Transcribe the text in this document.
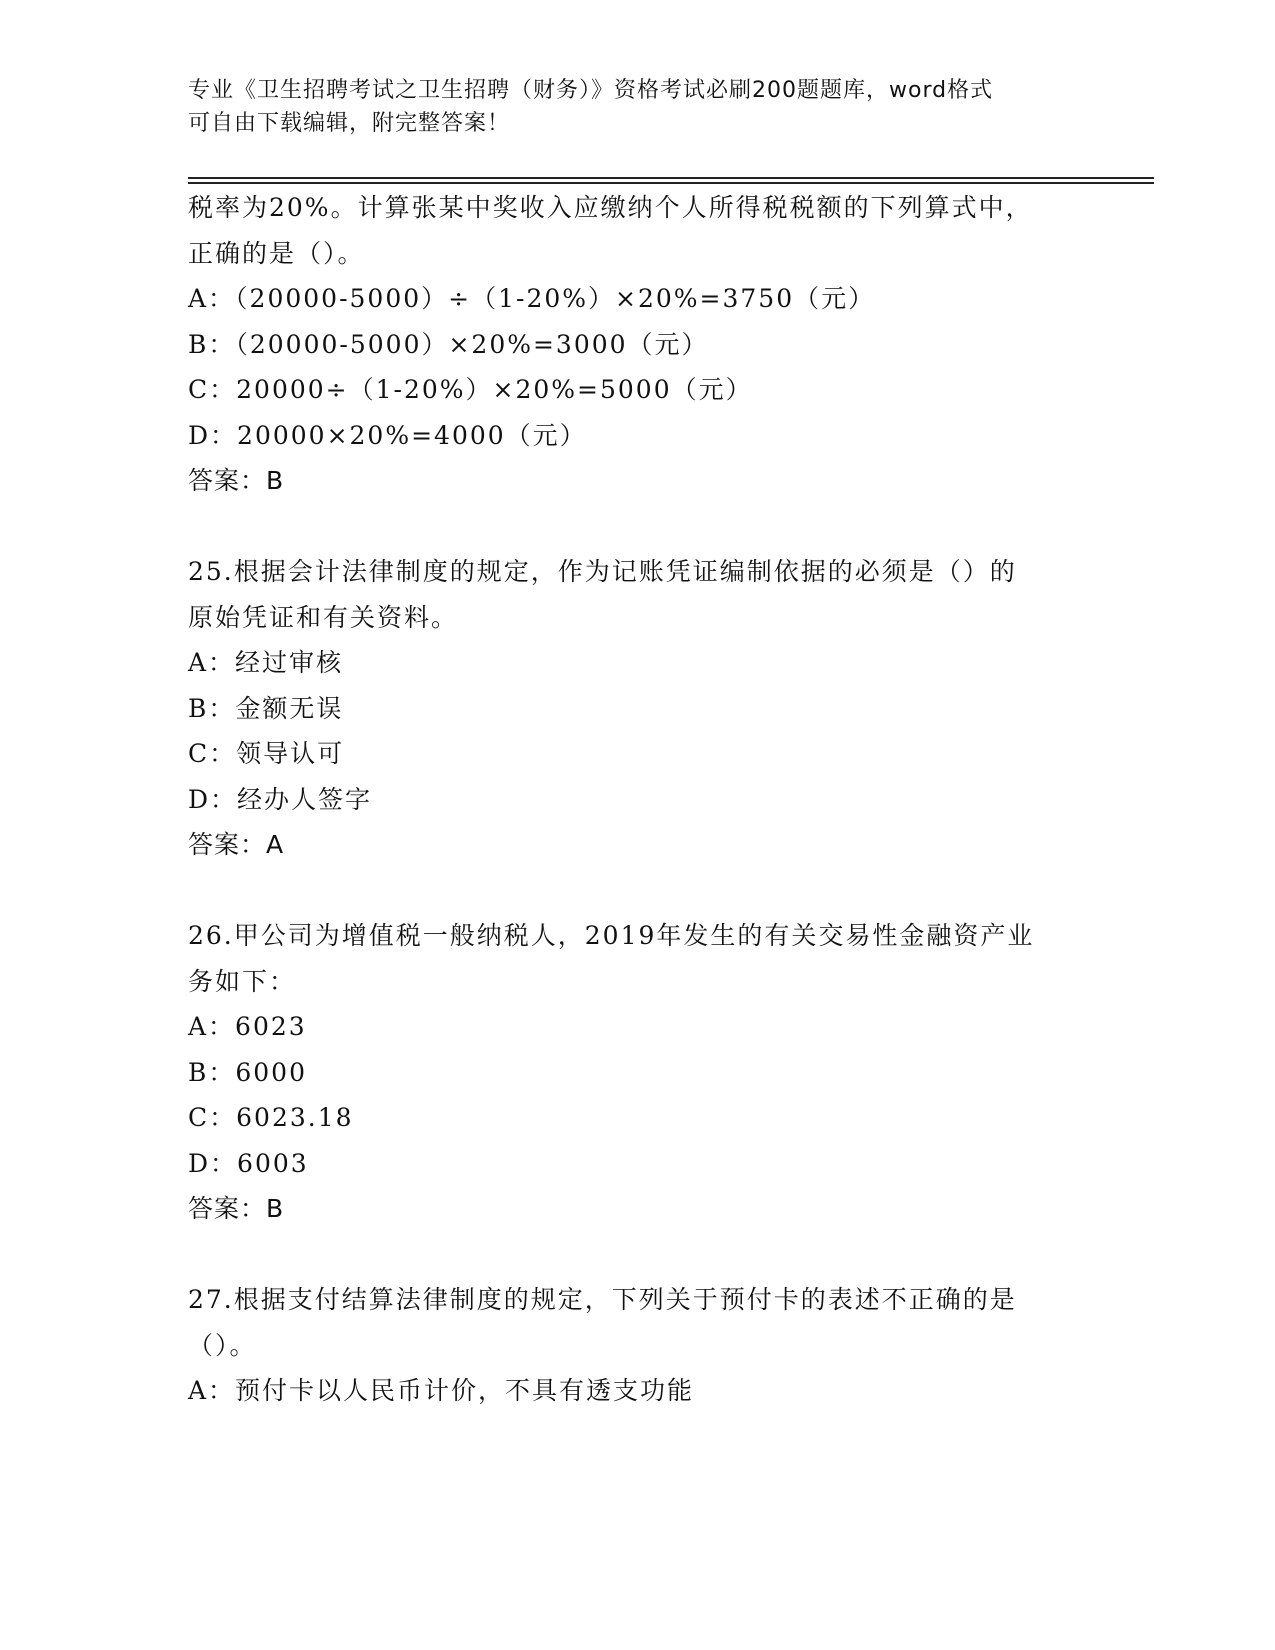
专业《卫生招聘考试之卫生招聘（财务）》资格考试必刷200题题库，word格式
可自由下载编辑，附完整答案！
税率为20%。计算张某中奖收入应缴纳个人所得税税额的下列算式中，
正确的是（）。
A：（20000-5000）÷（1-20%）×20%=3750（元）
B：（20000-5000）×20%=3000（元）
C：20000÷（1-20%）×20%=5000（元）
D：20000×20%=4000（元）
答案：B
25.根据会计法律制度的规定，作为记账凭证编制依据的必须是（）的
原始凭证和有关资料。
A：经过审核
B：金额无误
C：领导认可
D：经办人签字
答案：A
26.甲公司为增值税一般纳税人，2019年发生的有关交易性金融资产业
务如下：
A：6023
B：6000
C：6023.18
D：6003
答案：B
27.根据支付结算法律制度的规定，下列关于预付卡的表述不正确的是
（）。
A：预付卡以人民币计价，不具有透支功能
